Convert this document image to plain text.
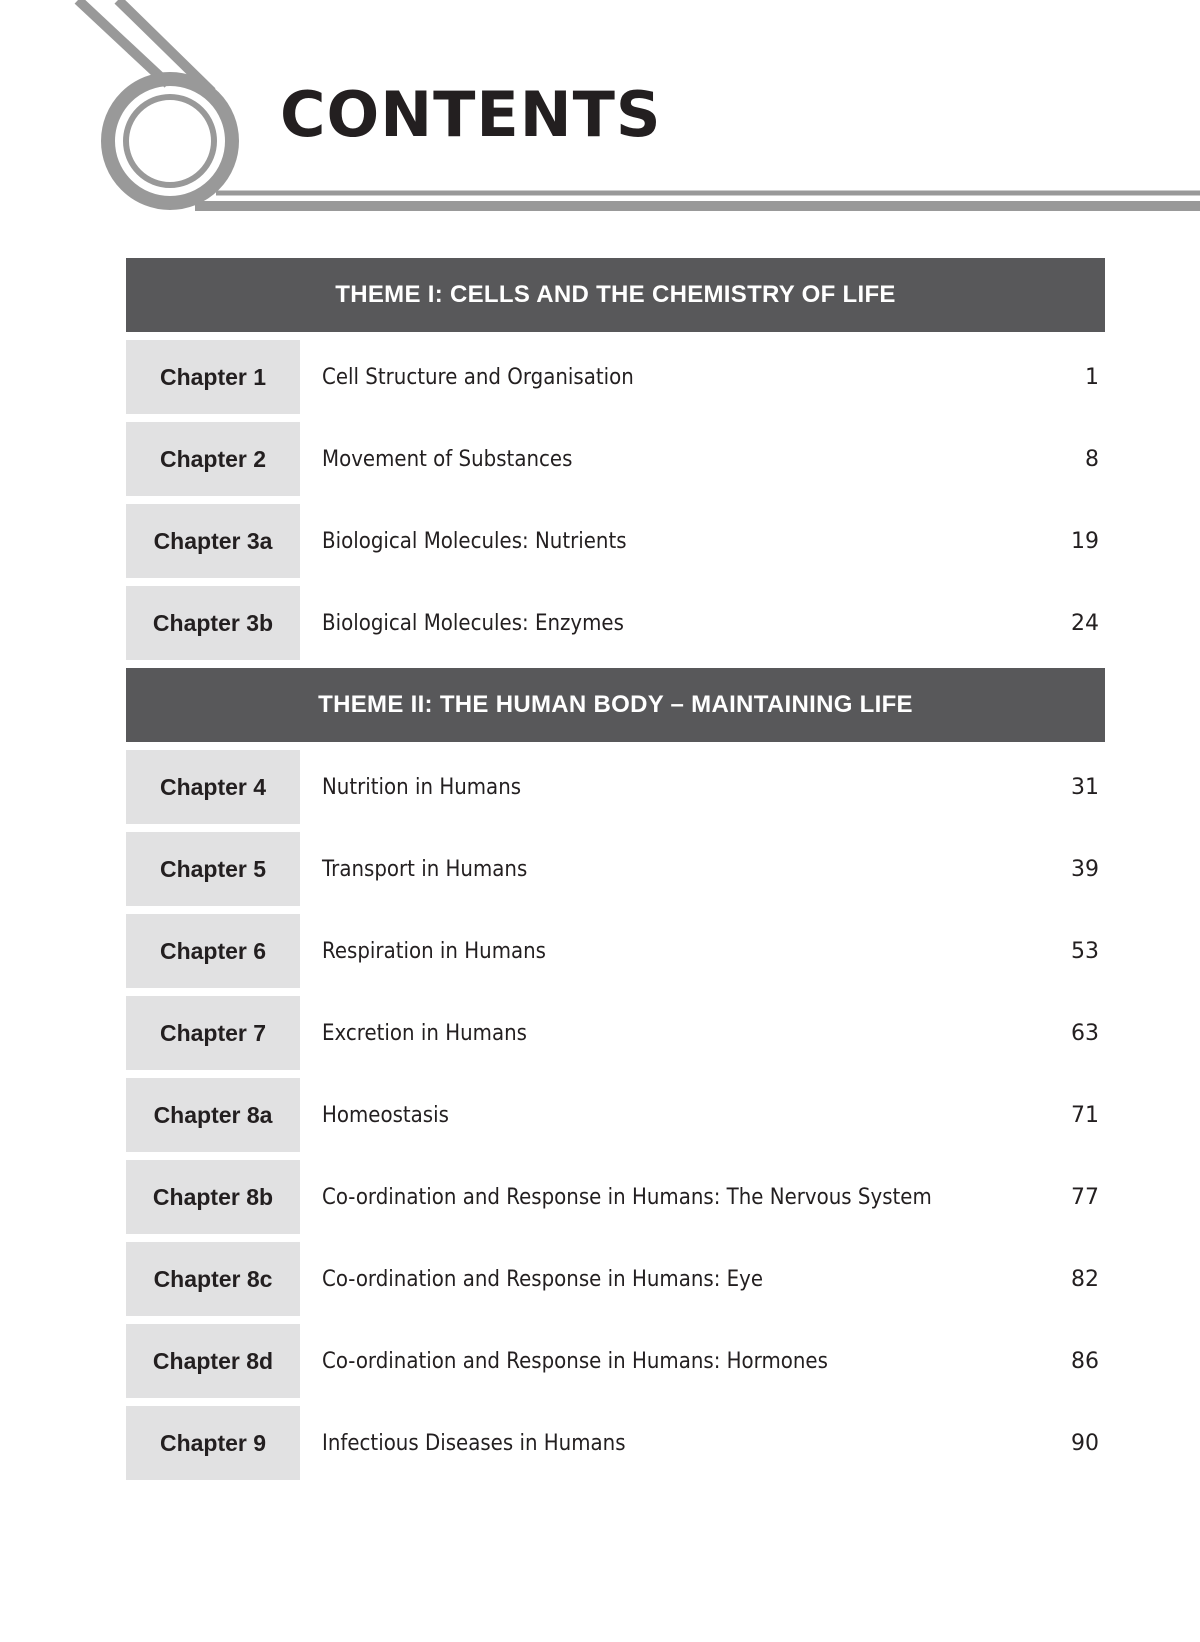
CONTENTS
THEME I: CELLS AND THE CHEMISTRY OF LIFE
Chapter 1	Cell Structure and Organisation	1
Chapter 2	Movement of Substances	8
Chapter 3a	Biological Molecules: Nutrients	19
Chapter 3b	Biological Molecules: Enzymes	24
THEME II: THE HUMAN BODY – MAINTAINING LIFE
Chapter 4	Nutrition in Humans	31
Chapter 5	Transport in Humans	39
Chapter 6	Respiration in Humans	53
Chapter 7	Excretion in Humans	63
Chapter 8a	Homeostasis	71
Chapter 8b	Co-ordination and Response in Humans: The Nervous System	77
Chapter 8c	Co-ordination and Response in Humans: Eye	82
Chapter 8d	Co-ordination and Response in Humans: Hormones	86
Chapter 9	Infectious Diseases in Humans	90
